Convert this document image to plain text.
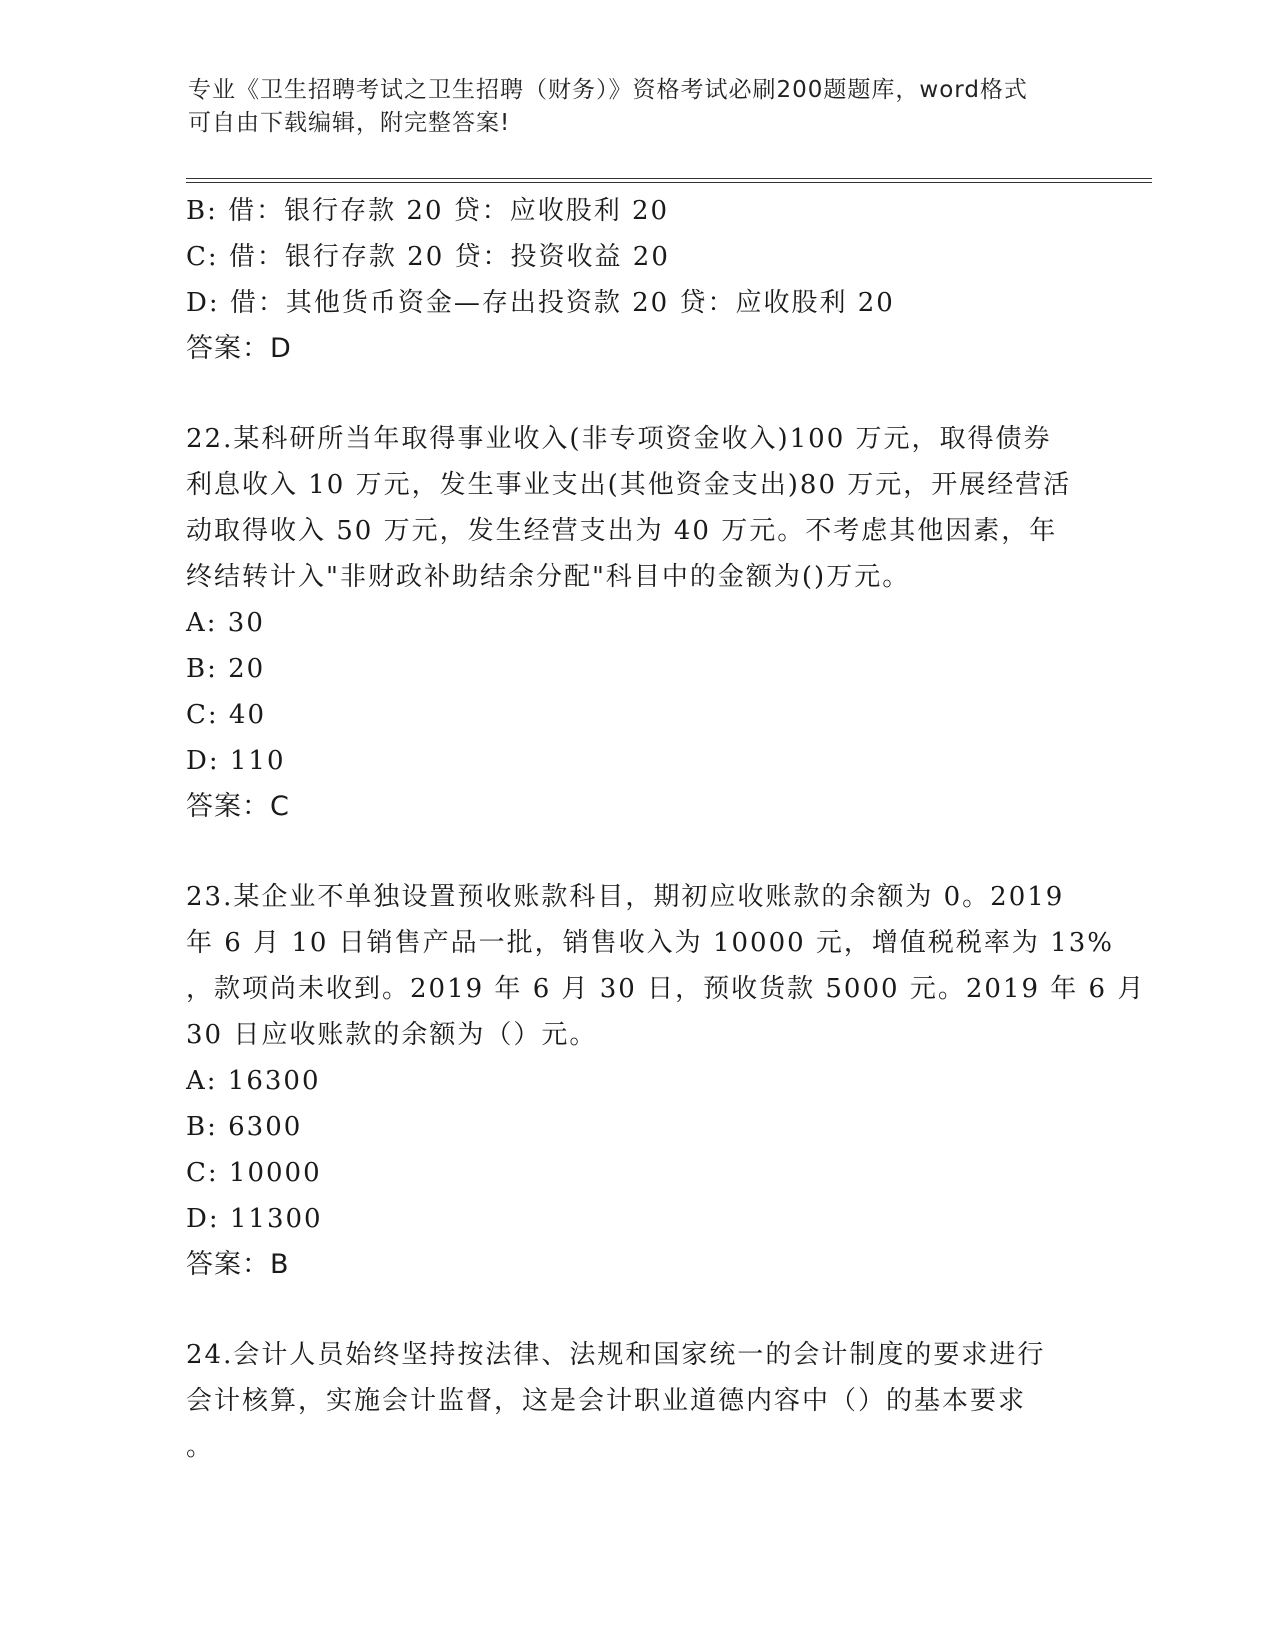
专业《卫生招聘考试之卫生招聘（财务）》资格考试必刷200题题库，word格式
可自由下载编辑，附完整答案!
B: 借：银行存款 20 贷：应收股利 20
C: 借：银行存款 20 贷：投资收益 20
D: 借：其他货币资金—存出投资款 20 贷：应收股利 20
答案：D
22.某科研所当年取得事业收入(非专项资金收入)100 万元，取得债券
利息收入 10 万元，发生事业支出(其他资金支出)80 万元，开展经营活
动取得收入 50 万元，发生经营支出为 40 万元。不考虑其他因素，年
终结转计入"非财政补助结余分配"科目中的金额为()万元。
A: 30
B: 20
C: 40
D: 110
答案：C
23.某企业不单独设置预收账款科目，期初应收账款的余额为 0。2019
年 6 月 10 日销售产品一批，销售收入为 10000 元，增值税税率为 13%
，款项尚未收到。2019 年 6 月 30 日，预收货款 5000 元。2019 年 6 月
30 日应收账款的余额为（）元。
A: 16300
B: 6300
C: 10000
D: 11300
答案：B
24.会计人员始终坚持按法律、法规和国家统一的会计制度的要求进行
会计核算，实施会计监督，这是会计职业道德内容中（）的基本要求
。
